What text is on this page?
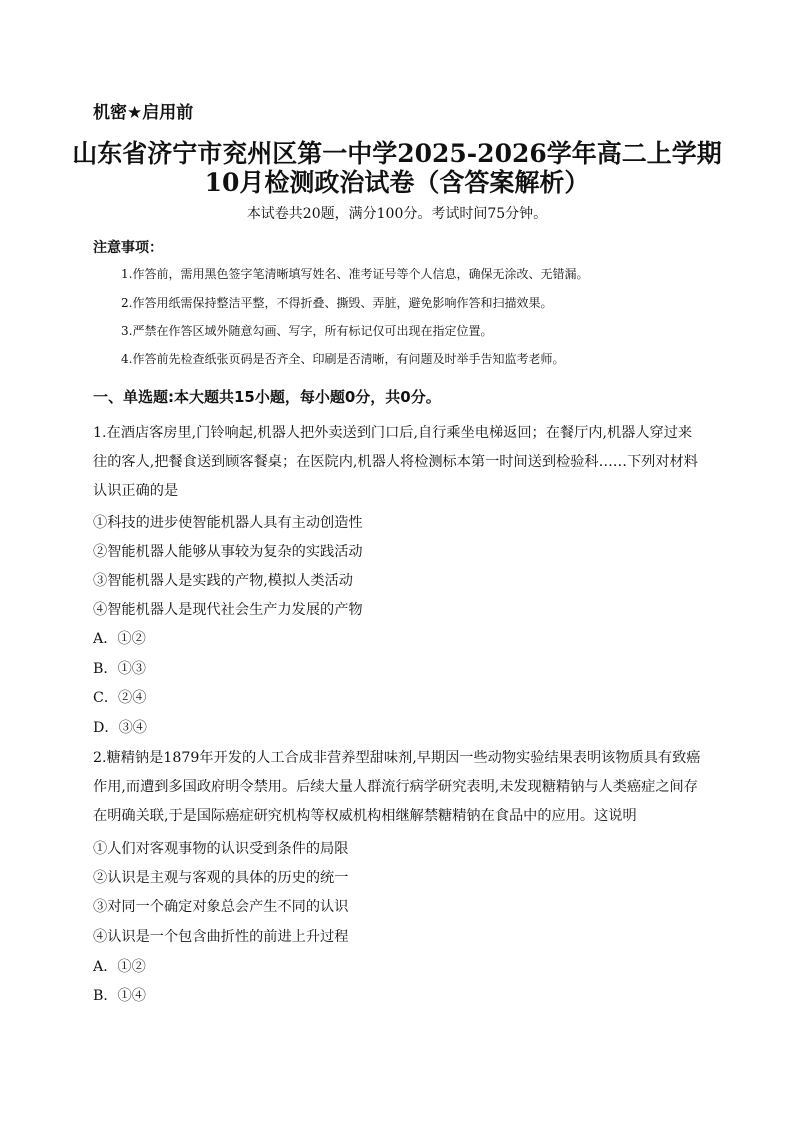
机密★启用前
山东省济宁市兖州区第一中学2025-2026学年高二上学期
10月检测政治试卷（含答案解析）
本试卷共20题，满分100分。考试时间75分钟。
注意事项：
1.作答前，需用黑色签字笔清晰填写姓名、准考证号等个人信息，确保无涂改、无错漏。
2.作答用纸需保持整洁平整，不得折叠、撕毁、弄脏，避免影响作答和扫描效果。
3.严禁在作答区域外随意勾画、写字，所有标记仅可出现在指定位置。
4.作答前先检查纸张页码是否齐全、印刷是否清晰，有问题及时举手告知监考老师。
一、单选题:本大题共15小题，每小题0分，共0分。
1.在酒店客房里,门铃响起,机器人把外卖送到门口后,自行乘坐电梯返回；在餐厅内,机器人穿过来往的客人,把餐食送到顾客餐桌；在医院内,机器人将检测标本第一时间送到检验科……下列对材料认识正确的是
①科技的进步使智能机器人具有主动创造性
②智能机器人能够从事较为复杂的实践活动
③智能机器人是实践的产物,模拟人类活动
④智能机器人是现代社会生产力发展的产物
A．①②
B．①③
C．②④
D．③④
2.糖精钠是1879年开发的人工合成非营养型甜味剂,早期因一些动物实验结果表明该物质具有致癌作用,而遭到多国政府明令禁用。后续大量人群流行病学研究表明,未发现糖精钠与人类癌症之间存在明确关联,于是国际癌症研究机构等权威机构相继解禁糖精钠在食品中的应用。这说明
①人们对客观事物的认识受到条件的局限
②认识是主观与客观的具体的历史的统一
③对同一个确定对象总会产生不同的认识
④认识是一个包含曲折性的前进上升过程
A．①②
B．①④
